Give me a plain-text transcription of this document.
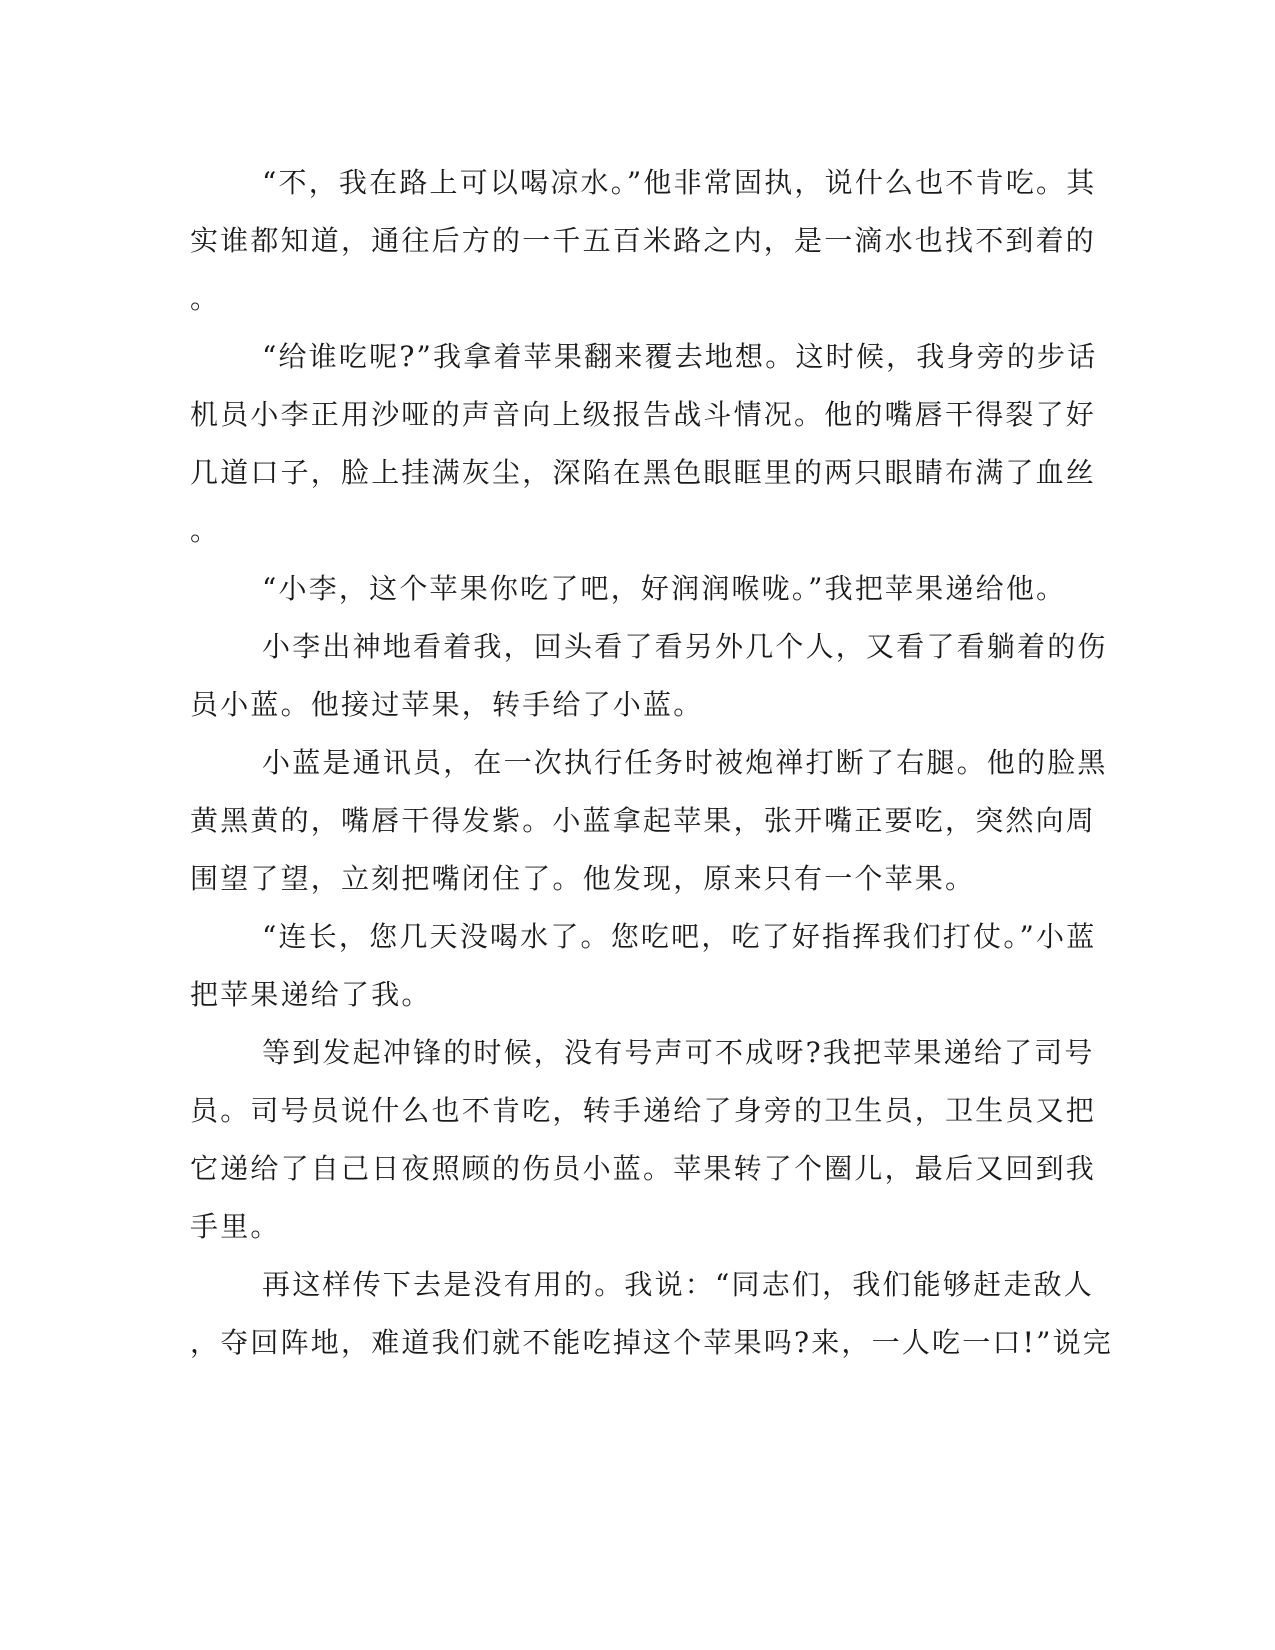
“不，我在路上可以喝凉水。”他非常固执，说什么也不肯吃。其
实谁都知道，通往后方的一千五百米路之内，是一滴水也找不到着的
。
“给谁吃呢?”我拿着苹果翻来覆去地想。这时候，我身旁的步话
机员小李正用沙哑的声音向上级报告战斗情况。他的嘴唇干得裂了好
几道口子，脸上挂满灰尘，深陷在黑色眼眶里的两只眼睛布满了血丝
。
“小李，这个苹果你吃了吧，好润润喉咙。”我把苹果递给他。
小李出神地看着我，回头看了看另外几个人，又看了看躺着的伤
员小蓝。他接过苹果，转手给了小蓝。
小蓝是通讯员，在一次执行任务时被炮禅打断了右腿。他的脸黑
黄黑黄的，嘴唇干得发紫。小蓝拿起苹果，张开嘴正要吃，突然向周
围望了望，立刻把嘴闭住了。他发现，原来只有一个苹果。
“连长，您几天没喝水了。您吃吧，吃了好指挥我们打仗。”小蓝
把苹果递给了我。
等到发起冲锋的时候，没有号声可不成呀?我把苹果递给了司号
员。司号员说什么也不肯吃，转手递给了身旁的卫生员，卫生员又把
它递给了自己日夜照顾的伤员小蓝。苹果转了个圈儿，最后又回到我
手里。
再这样传下去是没有用的。我说：“同志们，我们能够赶走敌人
，夺回阵地，难道我们就不能吃掉这个苹果吗?来，一人吃一口!”说完
